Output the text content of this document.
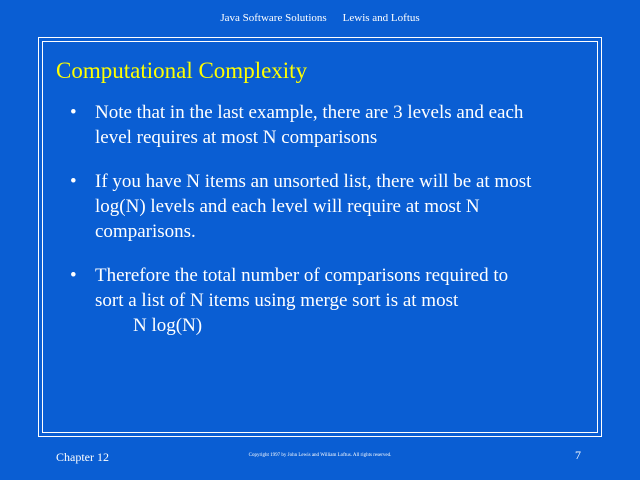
Java Software Solutions Lewis and Loftus
Computational Complexity
• Note that in the last example, there are 3 levels and each
level requires at most N comparisons
• If you have N items an unsorted list, there will be at most
log(N) levels and each level will require at most N
comparisons.
• Therefore the total number of comparisons required to
sort a list of N items using merge sort is at most
N log(N)
Chapter 12	Copyright 1997 by John Lewis and William Loftus. All rights reserved.	7
